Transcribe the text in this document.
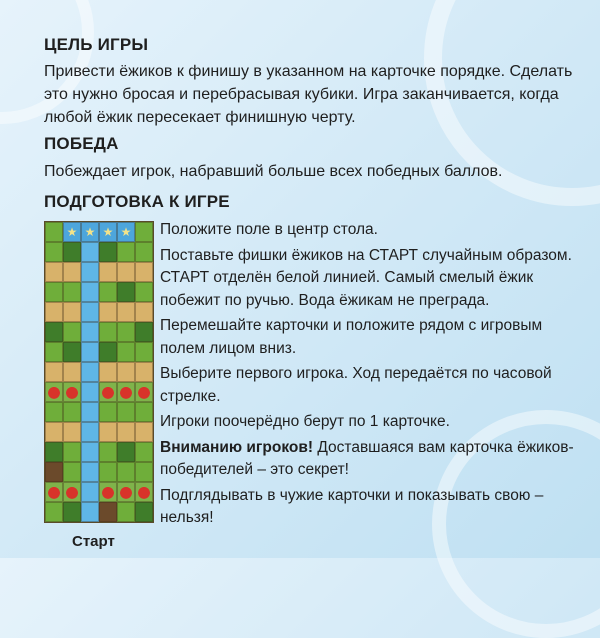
ЦЕЛЬ ИГРЫ

Привести ёжиков к финишу в указанном на карточке порядке. Сделать это нужно бросая и перебрасывая кубики. Игра заканчивается, когда любой ёжик пересекает финишную черту.

ПОБЕДА

Побеждает игрок, набравший больше всех победных баллов.

ПОДГОТОВКА К ИГРЕ
★ ★ ★ ★
Старт

Положите поле в центр стола.

Поставьте фишки ёжиков на СТАРТ случайным образом. СТАРТ отделён белой линией. Самый смелый ёжик побежит по ручью. Вода ёжикам не преграда.

Перемешайте карточки и положите рядом с игровым полем лицом вниз.

Выберите первого игрока. Ход передаётся по часовой стрелке.

Игроки поочерёдно берут по 1 карточке.

Вниманию игроков! Доставшаяся вам карточка ёжиков-победителей – это секрет!

Подглядывать в чужие карточки и показывать свою – нельзя!
